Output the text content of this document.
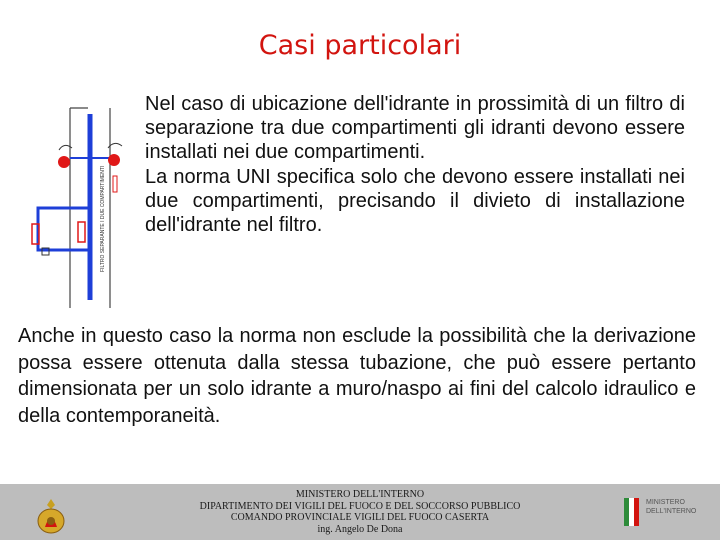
Casi particolari
FILTRO SEPARANTE I DUE COMPARTIMENTI

Nel caso di ubicazione dell'idrante in prossimità di un filtro di separazione tra due compartimenti gli idranti devono essere installati nei due compartimenti.

La norma UNI specifica solo che devono essere installati nei due compartimenti, precisando il divieto di installazione dell'idrante nel filtro.

Anche in questo caso la norma non esclude la possibilità che la derivazione possa essere ottenuta dalla stessa tubazione, che può essere pertanto dimensionata per un solo idrante a muro/naspo ai fini del calcolo idraulico e della contemporaneità.
MINISTERO DELL'INTERNO
DIPARTIMENTO DEI VIGILI DEL FUOCO E DEL SOCCORSO PUBBLICO
COMANDO PROVINCIALE VIGILI DEL FUOCO CASERTA
ing. Angelo De Dona
MINISTERO DELL'INTERNO
